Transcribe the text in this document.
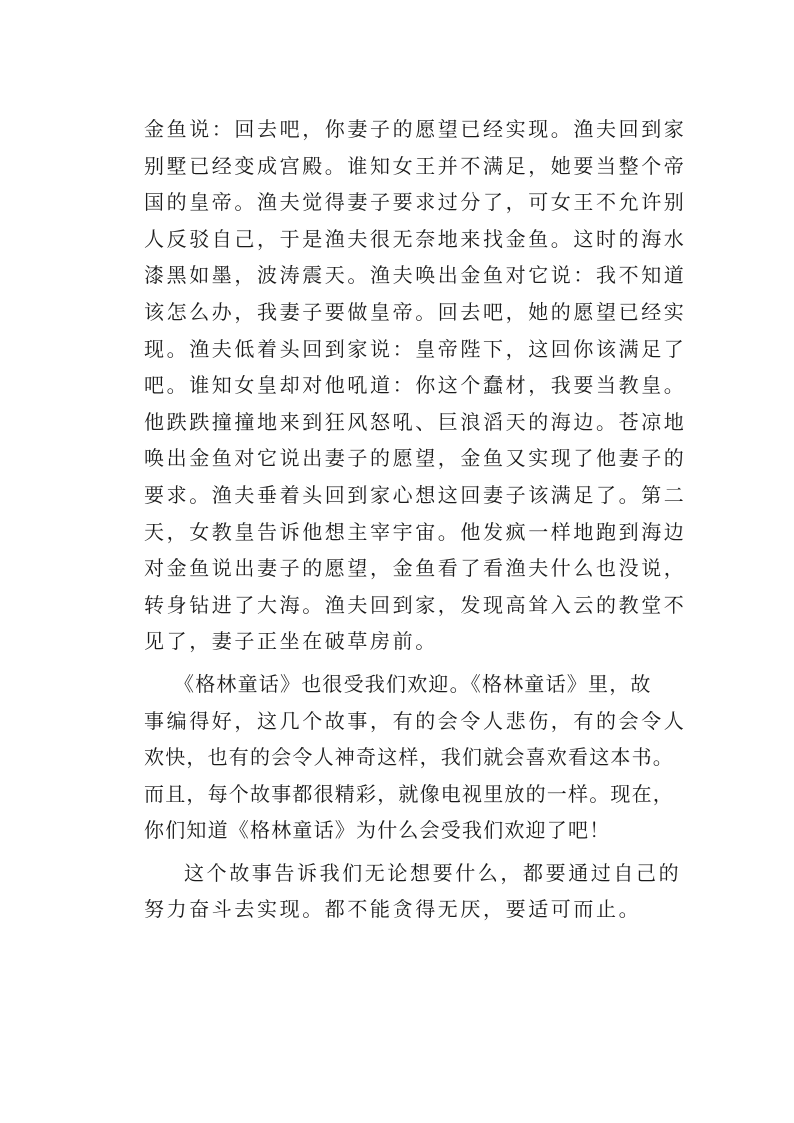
金鱼说：回去吧，你妻子的愿望已经实现。渔夫回到家
别墅已经变成宫殿。谁知女王并不满足，她要当整个帝
国的皇帝。渔夫觉得妻子要求过分了，可女王不允许别
人反驳自己，于是渔夫很无奈地来找金鱼。这时的海水
漆黑如墨，波涛震天。渔夫唤出金鱼对它说：我不知道
该怎么办，我妻子要做皇帝。回去吧，她的愿望已经实
现。渔夫低着头回到家说：皇帝陛下，这回你该满足了
吧。谁知女皇却对他吼道：你这个蠢材，我要当教皇。
他跌跌撞撞地来到狂风怒吼、巨浪滔天的海边。苍凉地
唤出金鱼对它说出妻子的愿望，金鱼又实现了他妻子的
要求。渔夫垂着头回到家心想这回妻子该满足了。第二
天，女教皇告诉他想主宰宇宙。他发疯一样地跑到海边
对金鱼说出妻子的愿望，金鱼看了看渔夫什么也没说，
转身钻进了大海。渔夫回到家，发现高耸入云的教堂不
见了，妻子正坐在破草房前。
《格林童话》也很受我们欢迎。《格林童话》里，故
事编得好，这几个故事，有的会令人悲伤，有的会令人
欢快，也有的会令人神奇这样，我们就会喜欢看这本书。
而且，每个故事都很精彩，就像电视里放的一样。现在，
你们知道《格林童话》为什么会受我们欢迎了吧！
这个故事告诉我们无论想要什么，都要通过自己的
努力奋斗去实现。都不能贪得无厌，要适可而止。
